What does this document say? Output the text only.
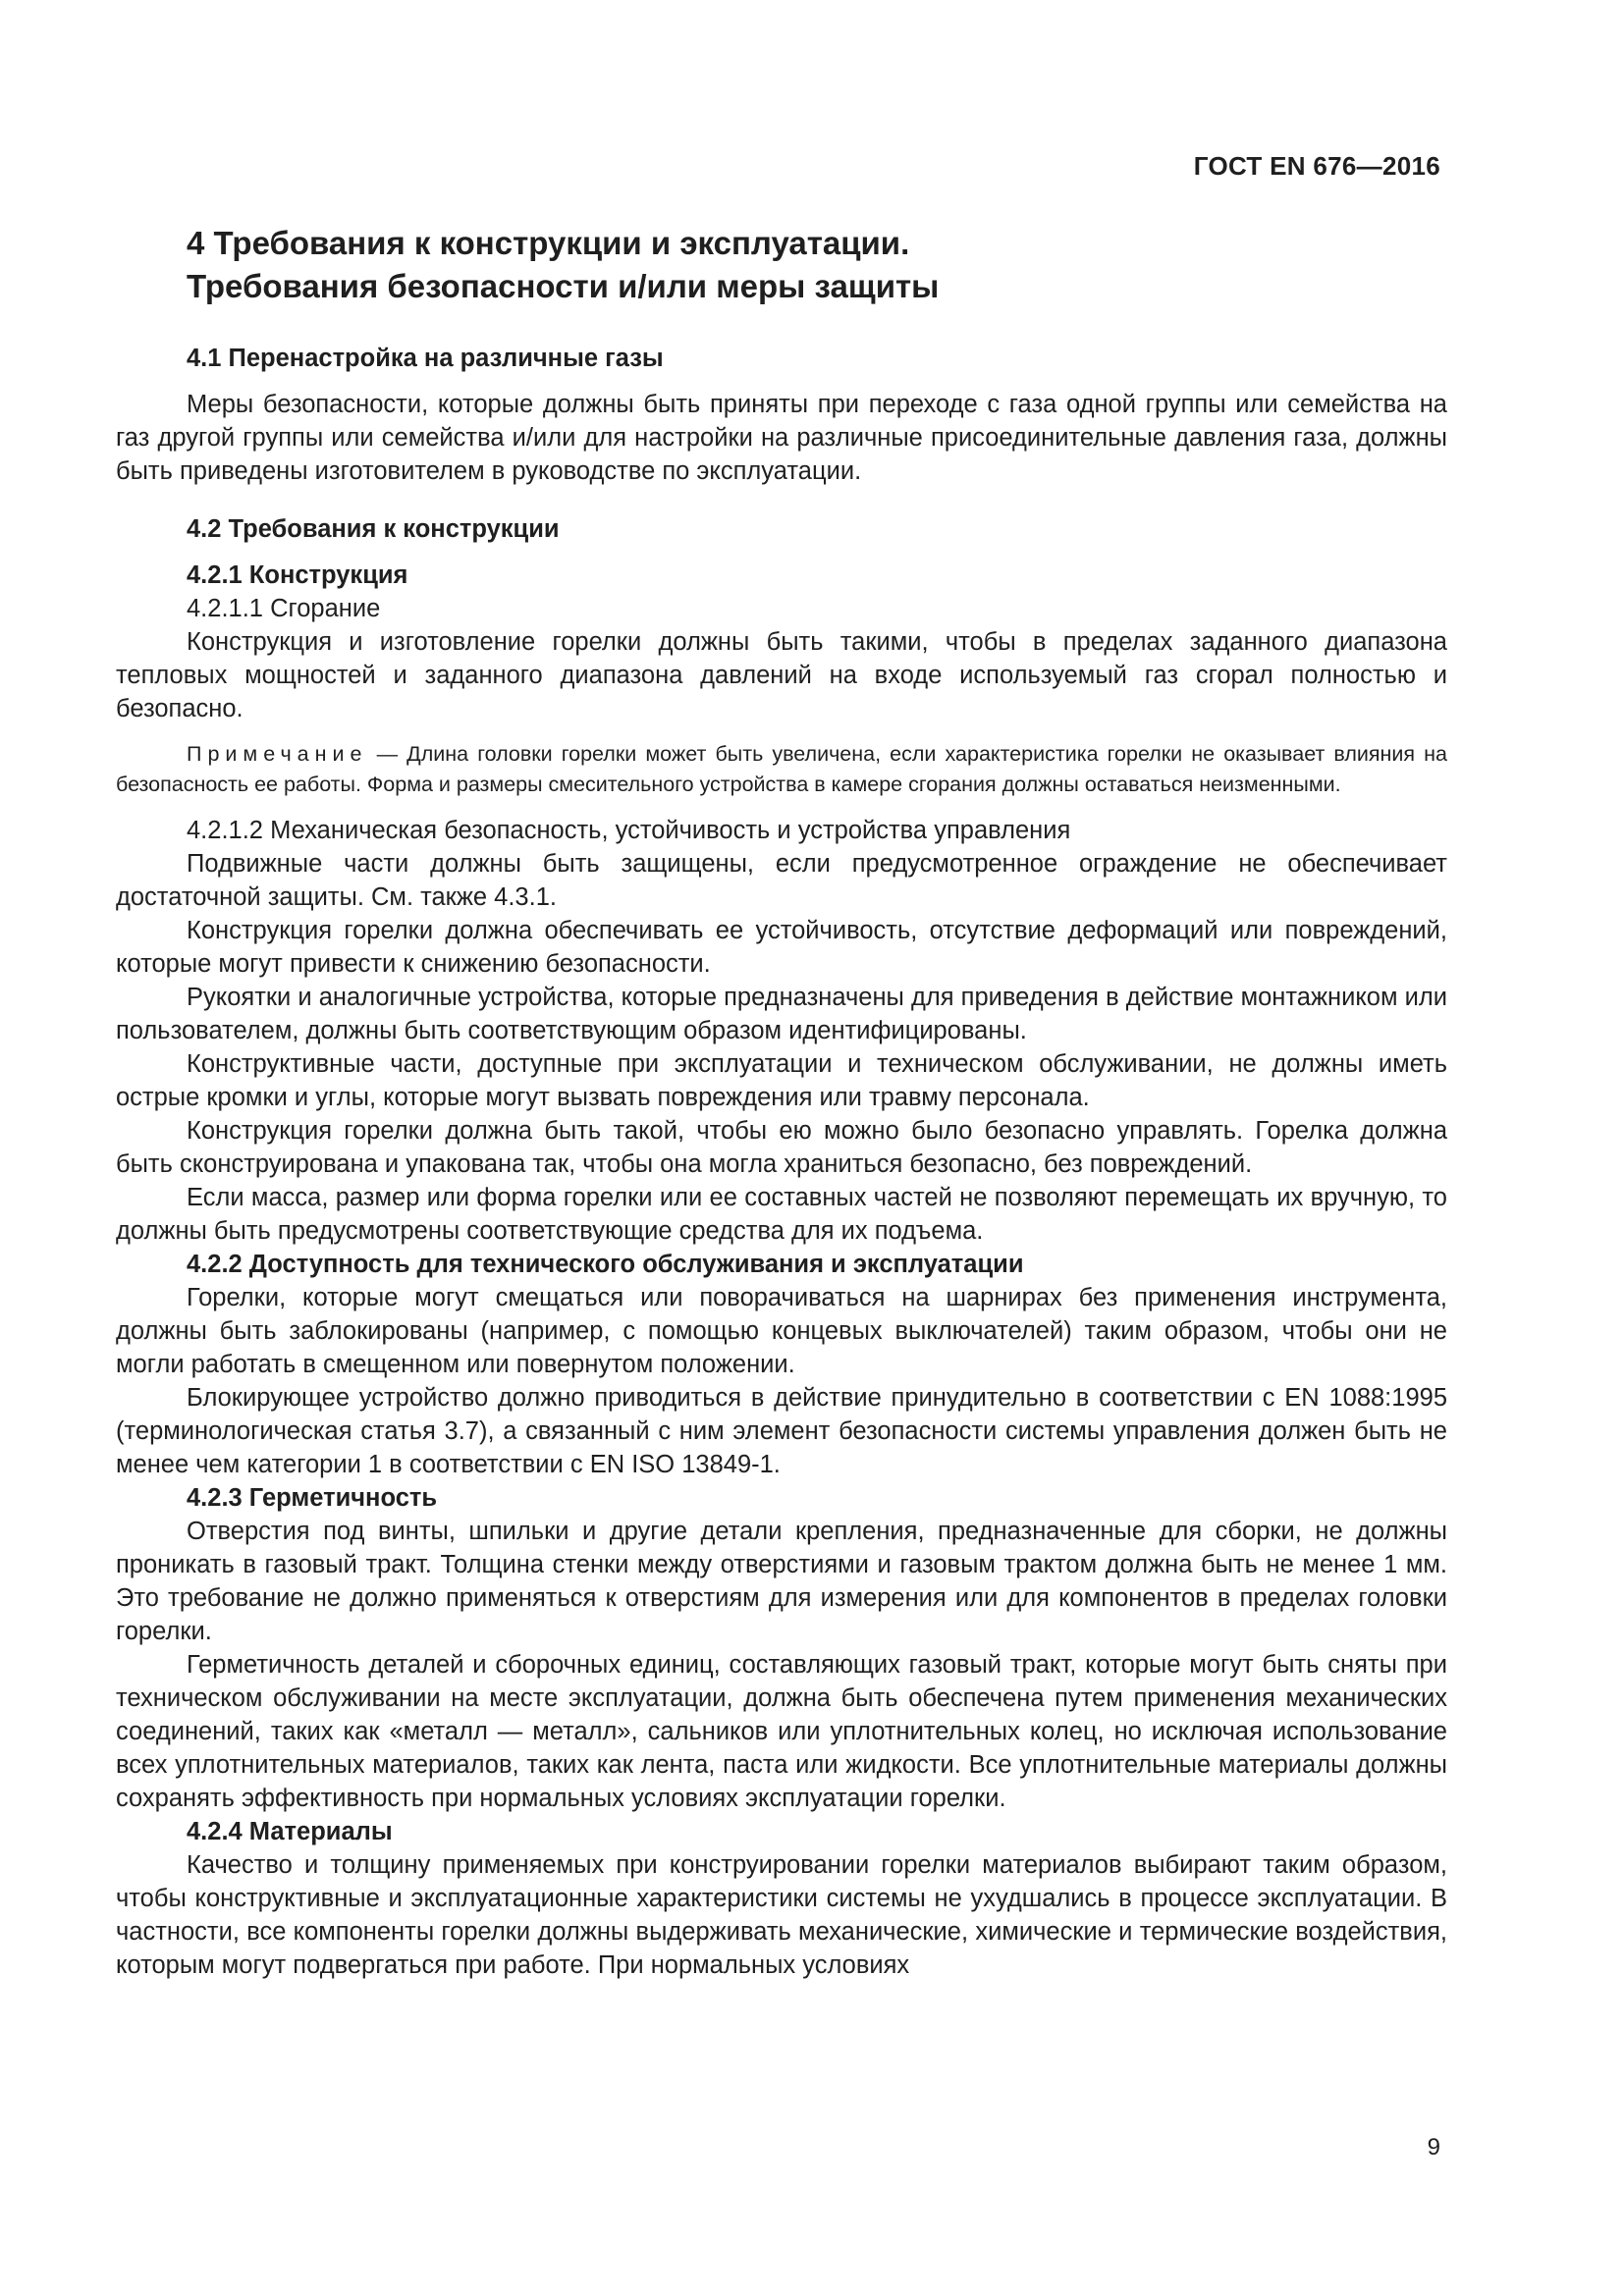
ГОСТ EN 676—2016
4 Требования к конструкции и эксплуатации.
Требования безопасности и/или меры защиты
4.1 Перенастройка на различные газы

Меры безопасности, которые должны быть приняты при переходе с газа одной группы или семейства на газ другой группы или семейства и/или для настройки на различные присоединительные давления газа, должны быть приведены изготовителем в руководстве по эксплуатации.

4.2 Требования к конструкции
4.2.1 Конструкция
4.2.1.1 Сгорание

Конструкция и изготовление горелки должны быть такими, чтобы в пределах заданного диапазона тепловых мощностей и заданного диапазона давлений на входе используемый газ сгорал полностью и безопасно.

Примечание — Длина головки горелки может быть увеличена, если характеристика горелки не оказывает влияния на безопасность ее работы. Форма и размеры смесительного устройства в камере сгорания должны оставаться неизменными.

4.2.1.2 Механическая безопасность, устойчивость и устройства управления

Подвижные части должны быть защищены, если предусмотренное ограждение не обеспечивает достаточной защиты. См. также 4.3.1.

Конструкция горелки должна обеспечивать ее устойчивость, отсутствие деформаций или повреждений, которые могут привести к снижению безопасности.

Рукоятки и аналогичные устройства, которые предназначены для приведения в действие монтажником или пользователем, должны быть соответствующим образом идентифицированы.

Конструктивные части, доступные при эксплуатации и техническом обслуживании, не должны иметь острые кромки и углы, которые могут вызвать повреждения или травму персонала.

Конструкция горелки должна быть такой, чтобы ею можно было безопасно управлять. Горелка должна быть сконструирована и упакована так, чтобы она могла храниться безопасно, без повреждений.

Если масса, размер или форма горелки или ее составных частей не позволяют перемещать их вручную, то должны быть предусмотрены соответствующие средства для их подъема.

4.2.2 Доступность для технического обслуживания и эксплуатации

Горелки, которые могут смещаться или поворачиваться на шарнирах без применения инструмента, должны быть заблокированы (например, с помощью концевых выключателей) таким образом, чтобы они не могли работать в смещенном или повернутом положении.

Блокирующее устройство должно приводиться в действие принудительно в соответствии с EN 1088:1995 (терминологическая статья 3.7), а связанный с ним элемент безопасности системы управления должен быть не менее чем категории 1 в соответствии с EN ISO 13849-1.

4.2.3 Герметичность

Отверстия под винты, шпильки и другие детали крепления, предназначенные для сборки, не должны проникать в газовый тракт. Толщина стенки между отверстиями и газовым трактом должна быть не менее 1 мм. Это требование не должно применяться к отверстиям для измерения или для компонентов в пределах головки горелки.

Герметичность деталей и сборочных единиц, составляющих газовый тракт, которые могут быть сняты при техническом обслуживании на месте эксплуатации, должна быть обеспечена путем применения механических соединений, таких как «металл — металл», сальников или уплотнительных колец, но исключая использование всех уплотнительных материалов, таких как лента, паста или жидкости. Все уплотнительные материалы должны сохранять эффективность при нормальных условиях эксплуатации горелки.

4.2.4 Материалы

Качество и толщину применяемых при конструировании горелки материалов выбирают таким образом, чтобы конструктивные и эксплуатационные характеристики системы не ухудшались в процессе эксплуатации. В частности, все компоненты горелки должны выдерживать механические, химические и термические воздействия, которым могут подвергаться при работе. При нормальных условиях

9
